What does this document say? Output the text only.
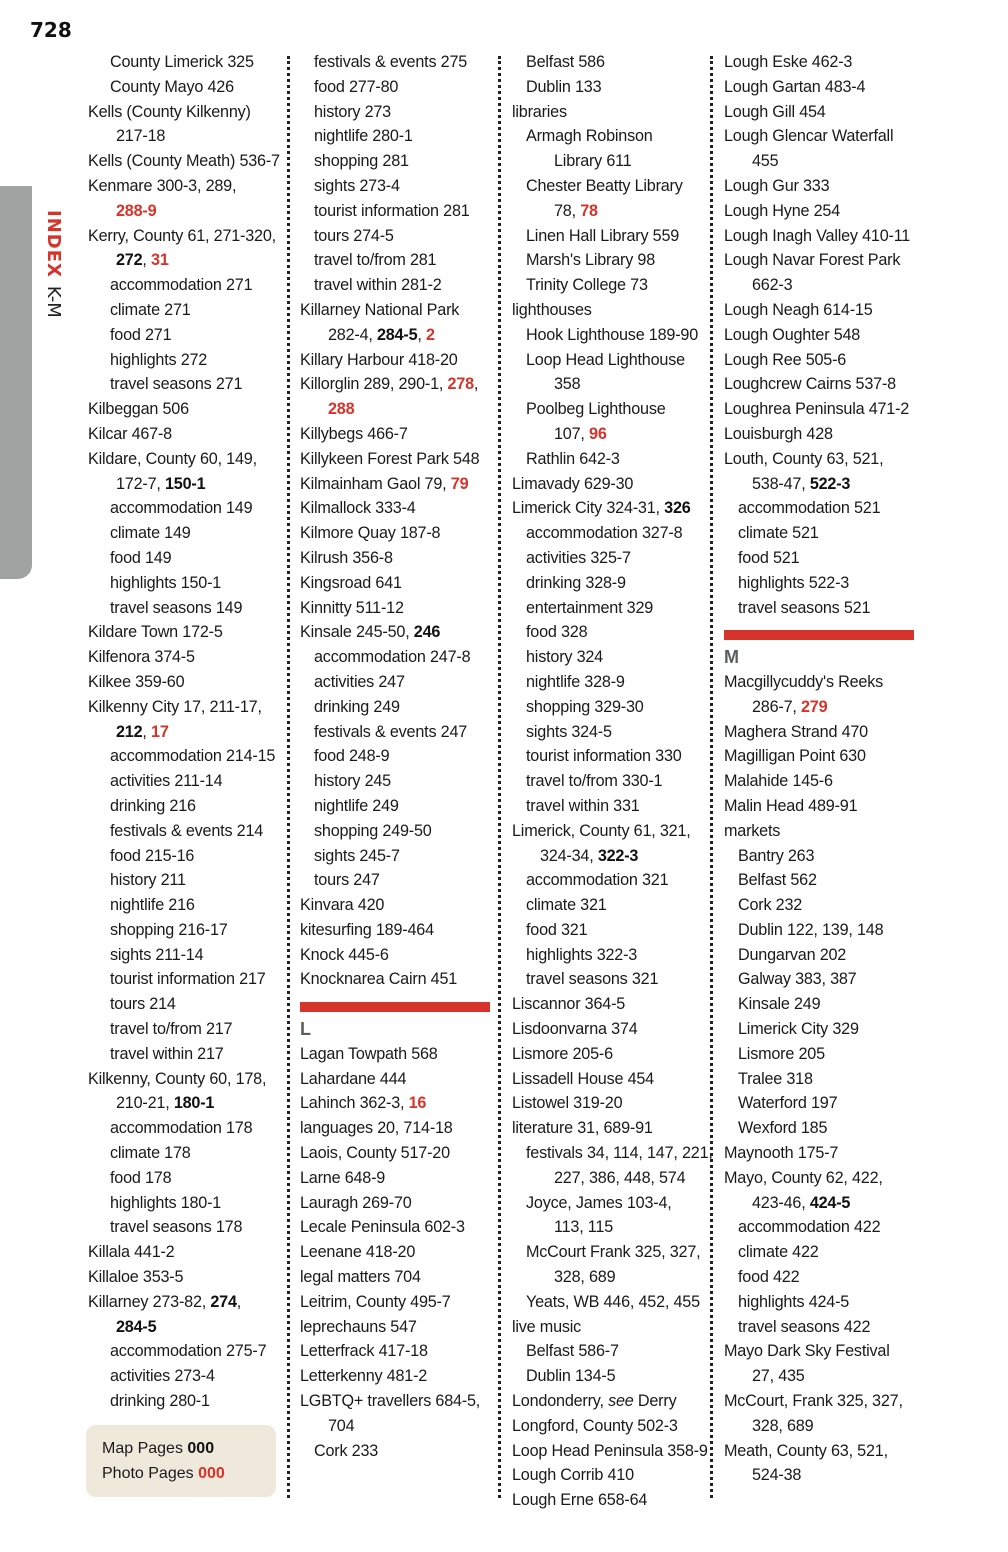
728
INDEXK-M
County Limerick 325
County Mayo 426
Kells (County Kilkenny)
217-18
Kells (County Meath) 536-7
Kenmare 300-3, 289,
288-9
Kerry, County 61, 271-320,
272, 31
accommodation 271
climate 271
food 271
highlights 272
travel seasons 271
Kilbeggan 506
Kilcar 467-8
Kildare, County 60, 149,
172-7, 150-1
accommodation 149
climate 149
food 149
highlights 150-1
travel seasons 149
Kildare Town 172-5
Kilfenora 374-5
Kilkee 359-60
Kilkenny City 17, 211-17,
212, 17
accommodation 214-15
activities 211-14
drinking 216
festivals & events 214
food 215-16
history 211
nightlife 216
shopping 216-17
sights 211-14
tourist information 217
tours 214
travel to/from 217
travel within 217
Kilkenny, County 60, 178,
210-21, 180-1
accommodation 178
climate 178
food 178
highlights 180-1
travel seasons 178
Killala 441-2
Killaloe 353-5
Killarney 273-82, 274,
284-5
accommodation 275-7
activities 273-4
drinking 280-1
festivals & events 275
food 277-80
history 273
nightlife 280-1
shopping 281
sights 273-4
tourist information 281
tours 274-5
travel to/from 281
travel within 281-2
Killarney National Park
282-4, 284-5, 2
Killary Harbour 418-20
Killorglin 289, 290-1, 278,
288
Killybegs 466-7
Killykeen Forest Park 548
Kilmainham Gaol 79, 79
Kilmallock 333-4
Kilmore Quay 187-8
Kilrush 356-8
Kingsroad 641
Kinnitty 511-12
Kinsale 245-50, 246
accommodation 247-8
activities 247
drinking 249
festivals & events 247
food 248-9
history 245
nightlife 249
shopping 249-50
sights 245-7
tours 247
Kinvara 420
kitesurfing 189-464
Knock 445-6
Knocknarea Cairn 451
L
Lagan Towpath 568
Lahardane 444
Lahinch 362-3, 16
languages 20, 714-18
Laois, County 517-20
Larne 648-9
Lauragh 269-70
Lecale Peninsula 602-3
Leenane 418-20
legal matters 704
Leitrim, County 495-7
leprechauns 547
Letterfrack 417-18
Letterkenny 481-2
LGBTQ+ travellers 684-5,
704
Cork 233
Belfast 586
Dublin 133
libraries
Armagh Robinson
Library 611
Chester Beatty Library
78, 78
Linen Hall Library 559
Marsh's Library 98
Trinity College 73
lighthouses
Hook Lighthouse 189-90
Loop Head Lighthouse
358
Poolbeg Lighthouse
107, 96
Rathlin 642-3
Limavady 629-30
Limerick City 324-31, 326
accommodation 327-8
activities 325-7
drinking 328-9
entertainment 329
food 328
history 324
nightlife 328-9
shopping 329-30
sights 324-5
tourist information 330
travel to/from 330-1
travel within 331
Limerick, County 61, 321,
324-34, 322-3
accommodation 321
climate 321
food 321
highlights 322-3
travel seasons 321
Liscannor 364-5
Lisdoonvarna 374
Lismore 205-6
Lissadell House 454
Listowel 319-20
literature 31, 689-91
festivals 34, 114, 147, 221,
227, 386, 448, 574
Joyce, James 103-4,
113, 115
McCourt Frank 325, 327,
328, 689
Yeats, WB 446, 452, 455
live music
Belfast 586-7
Dublin 134-5
Londonderry, see Derry
Longford, County 502-3
Loop Head Peninsula 358-9
Lough Corrib 410
Lough Erne 658-64
Lough Eske 462-3
Lough Gartan 483-4
Lough Gill 454
Lough Glencar Waterfall
455
Lough Gur 333
Lough Hyne 254
Lough Inagh Valley 410-11
Lough Navar Forest Park
662-3
Lough Neagh 614-15
Lough Oughter 548
Lough Ree 505-6
Loughcrew Cairns 537-8
Loughrea Peninsula 471-2
Louisburgh 428
Louth, County 63, 521,
538-47, 522-3
accommodation 521
climate 521
food 521
highlights 522-3
travel seasons 521
M
Macgillycuddy's Reeks
286-7, 279
Maghera Strand 470
Magilligan Point 630
Malahide 145-6
Malin Head 489-91
markets
Bantry 263
Belfast 562
Cork 232
Dublin 122, 139, 148
Dungarvan 202
Galway 383, 387
Kinsale 249
Limerick City 329
Lismore 205
Tralee 318
Waterford 197
Wexford 185
Maynooth 175-7
Mayo, County 62, 422,
423-46, 424-5
accommodation 422
climate 422
food 422
highlights 424-5
travel seasons 422
Mayo Dark Sky Festival
27, 435
McCourt, Frank 325, 327,
328, 689
Meath, County 63, 521,
524-38
Map Pages 000
Photo Pages 000
